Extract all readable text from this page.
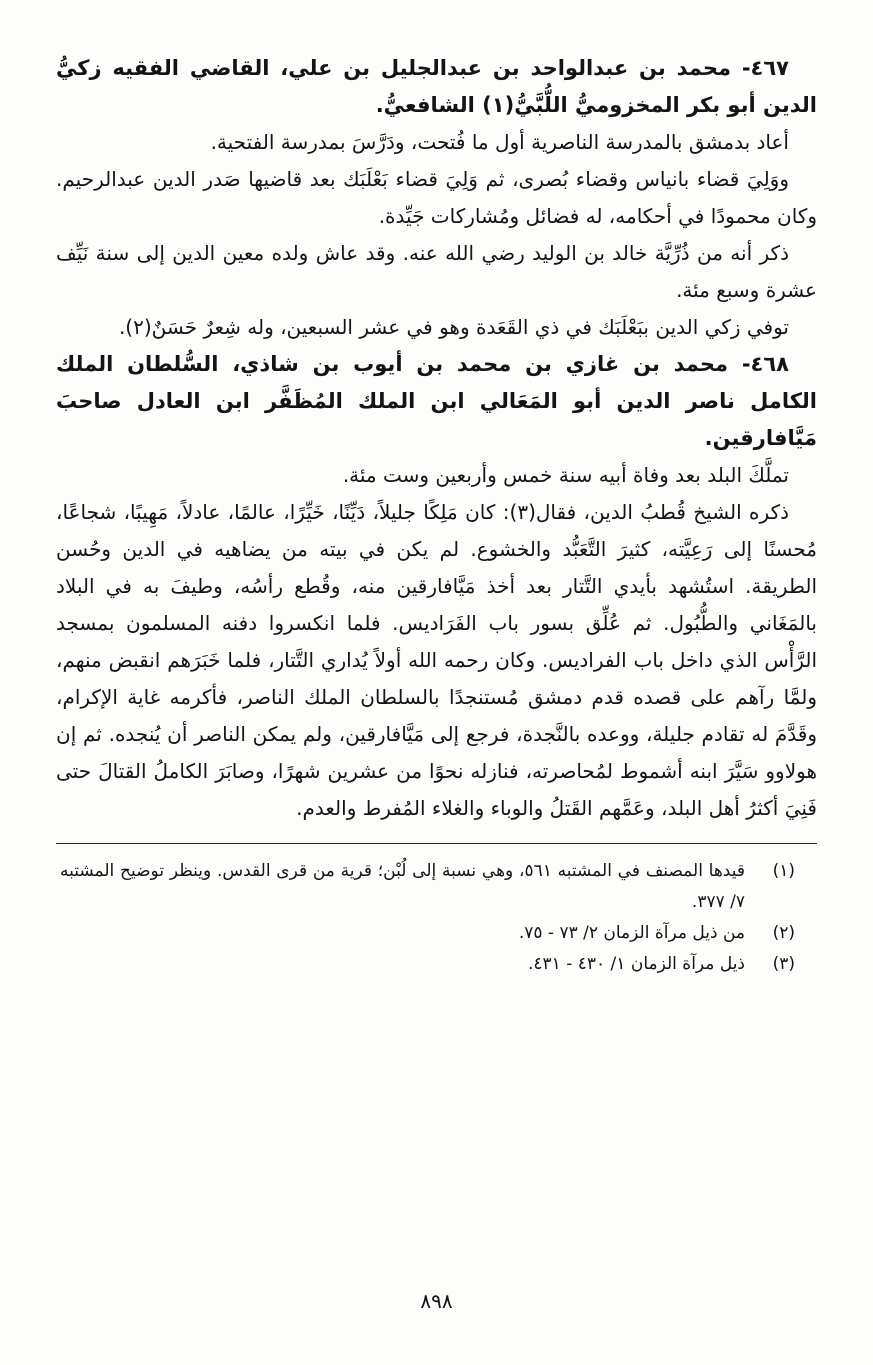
٤٦٧- محمد بن عبدالواحد بن عبدالجليل بن علي، القاضي الفقيه زكيُّ الدين أبو بكر المخزوميُّ اللُّبَّيُّ(١) الشافعيُّ.

أعاد بدمشق بالمدرسة الناصرية أول ما فُتحت، ودَرَّسَ بمدرسة الفتحية.

ووَلِيَ قضاء بانياس وقضاء بُصرى، ثم وَلِيَ قضاء بَعْلَبَك بعد قاضيها صَدر الدين عبدالرحيم. وكان محمودًا في أحكامه، له فضائل ومُشاركات جَيِّدة.

ذكر أنه من ذُرِّيَّة خالد بن الوليد رضي الله عنه. وقد عاش ولده معين الدين إلى سنة نَيِّف عشرة وسبع مئة.

توفي زكي الدين ببَعْلَبَك في ذي القَعَدة وهو في عشر السبعين، وله شِعرٌ حَسَنٌ(٢).

٤٦٨- محمد بن غازي بن محمد بن أيوب بن شاذي، السُّلطان الملك الكامل ناصر الدين أبو المَعَالي ابن الملك المُظَفَّر ابن العادل صاحبَ مَيَّافارقين.

تملَّكَ البلد بعد وفاة أبيه سنة خمس وأربعين وست مئة.

ذكره الشيخ قُطبُ الدين، فقال(٣): كان مَلِكًا جليلاً، دَيِّنًا، خَيِّرًا، عالمًا، عادلاً، مَهِيبًا، شجاعًا، مُحسنًا إلى رَعِيَّته، كثيرَ التَّعَبُّد والخشوع. لم يكن في بيته من يضاهيه في الدين وحُسن الطريقة. استُشهد بأيدي التَّتار بعد أخذ مَيَّافارقين منه، وقُطع رأسُه، وطيفَ به في البلاد بالمَغَاني والطُّبُول. ثم عُلِّق بسور باب الفَرَاديس. فلما انكسروا دفنه المسلمون بمسجد الرَّأْس الذي داخل باب الفراديس. وكان رحمه الله أولاً يُداري التَّتار، فلما خَبَرَهم انقبض منهم، ولمَّا رآهم على قصده قدم دمشق مُستنجدًا بالسلطان الملك الناصر، فأكرمه غاية الإكرام، وقَدَّمَ له تقادم جليلة، ووعده بالنَّجدة، فرجع إلى مَيَّافارقين، ولم يمكن الناصر أن يُنجده. ثم إن هولاوو سَيَّرَ ابنه أشموط لمُحاصرته، فنازله نحوًا من عشرين شهرًا، وصابَرَ الكاملُ القتالَ حتى فَنِيَ أكثرُ أهل البلد، وعَمَّهم القَتلُ والوباء والغلاء المُفرط والعدم.

(١)
قيدها المصنف في المشتبه ٥٦١، وهي نسبة إلى لُبْن؛ قرية من قرى القدس. وينظر توضيح المشتبه ٧/ ٣٧٧.
(٢)
من ذيل مرآة الزمان ٢/ ٧٣ - ٧٥.
(٣)
ذيل مرآة الزمان ١/ ٤٣٠ - ٤٣١.
٨٩٨
